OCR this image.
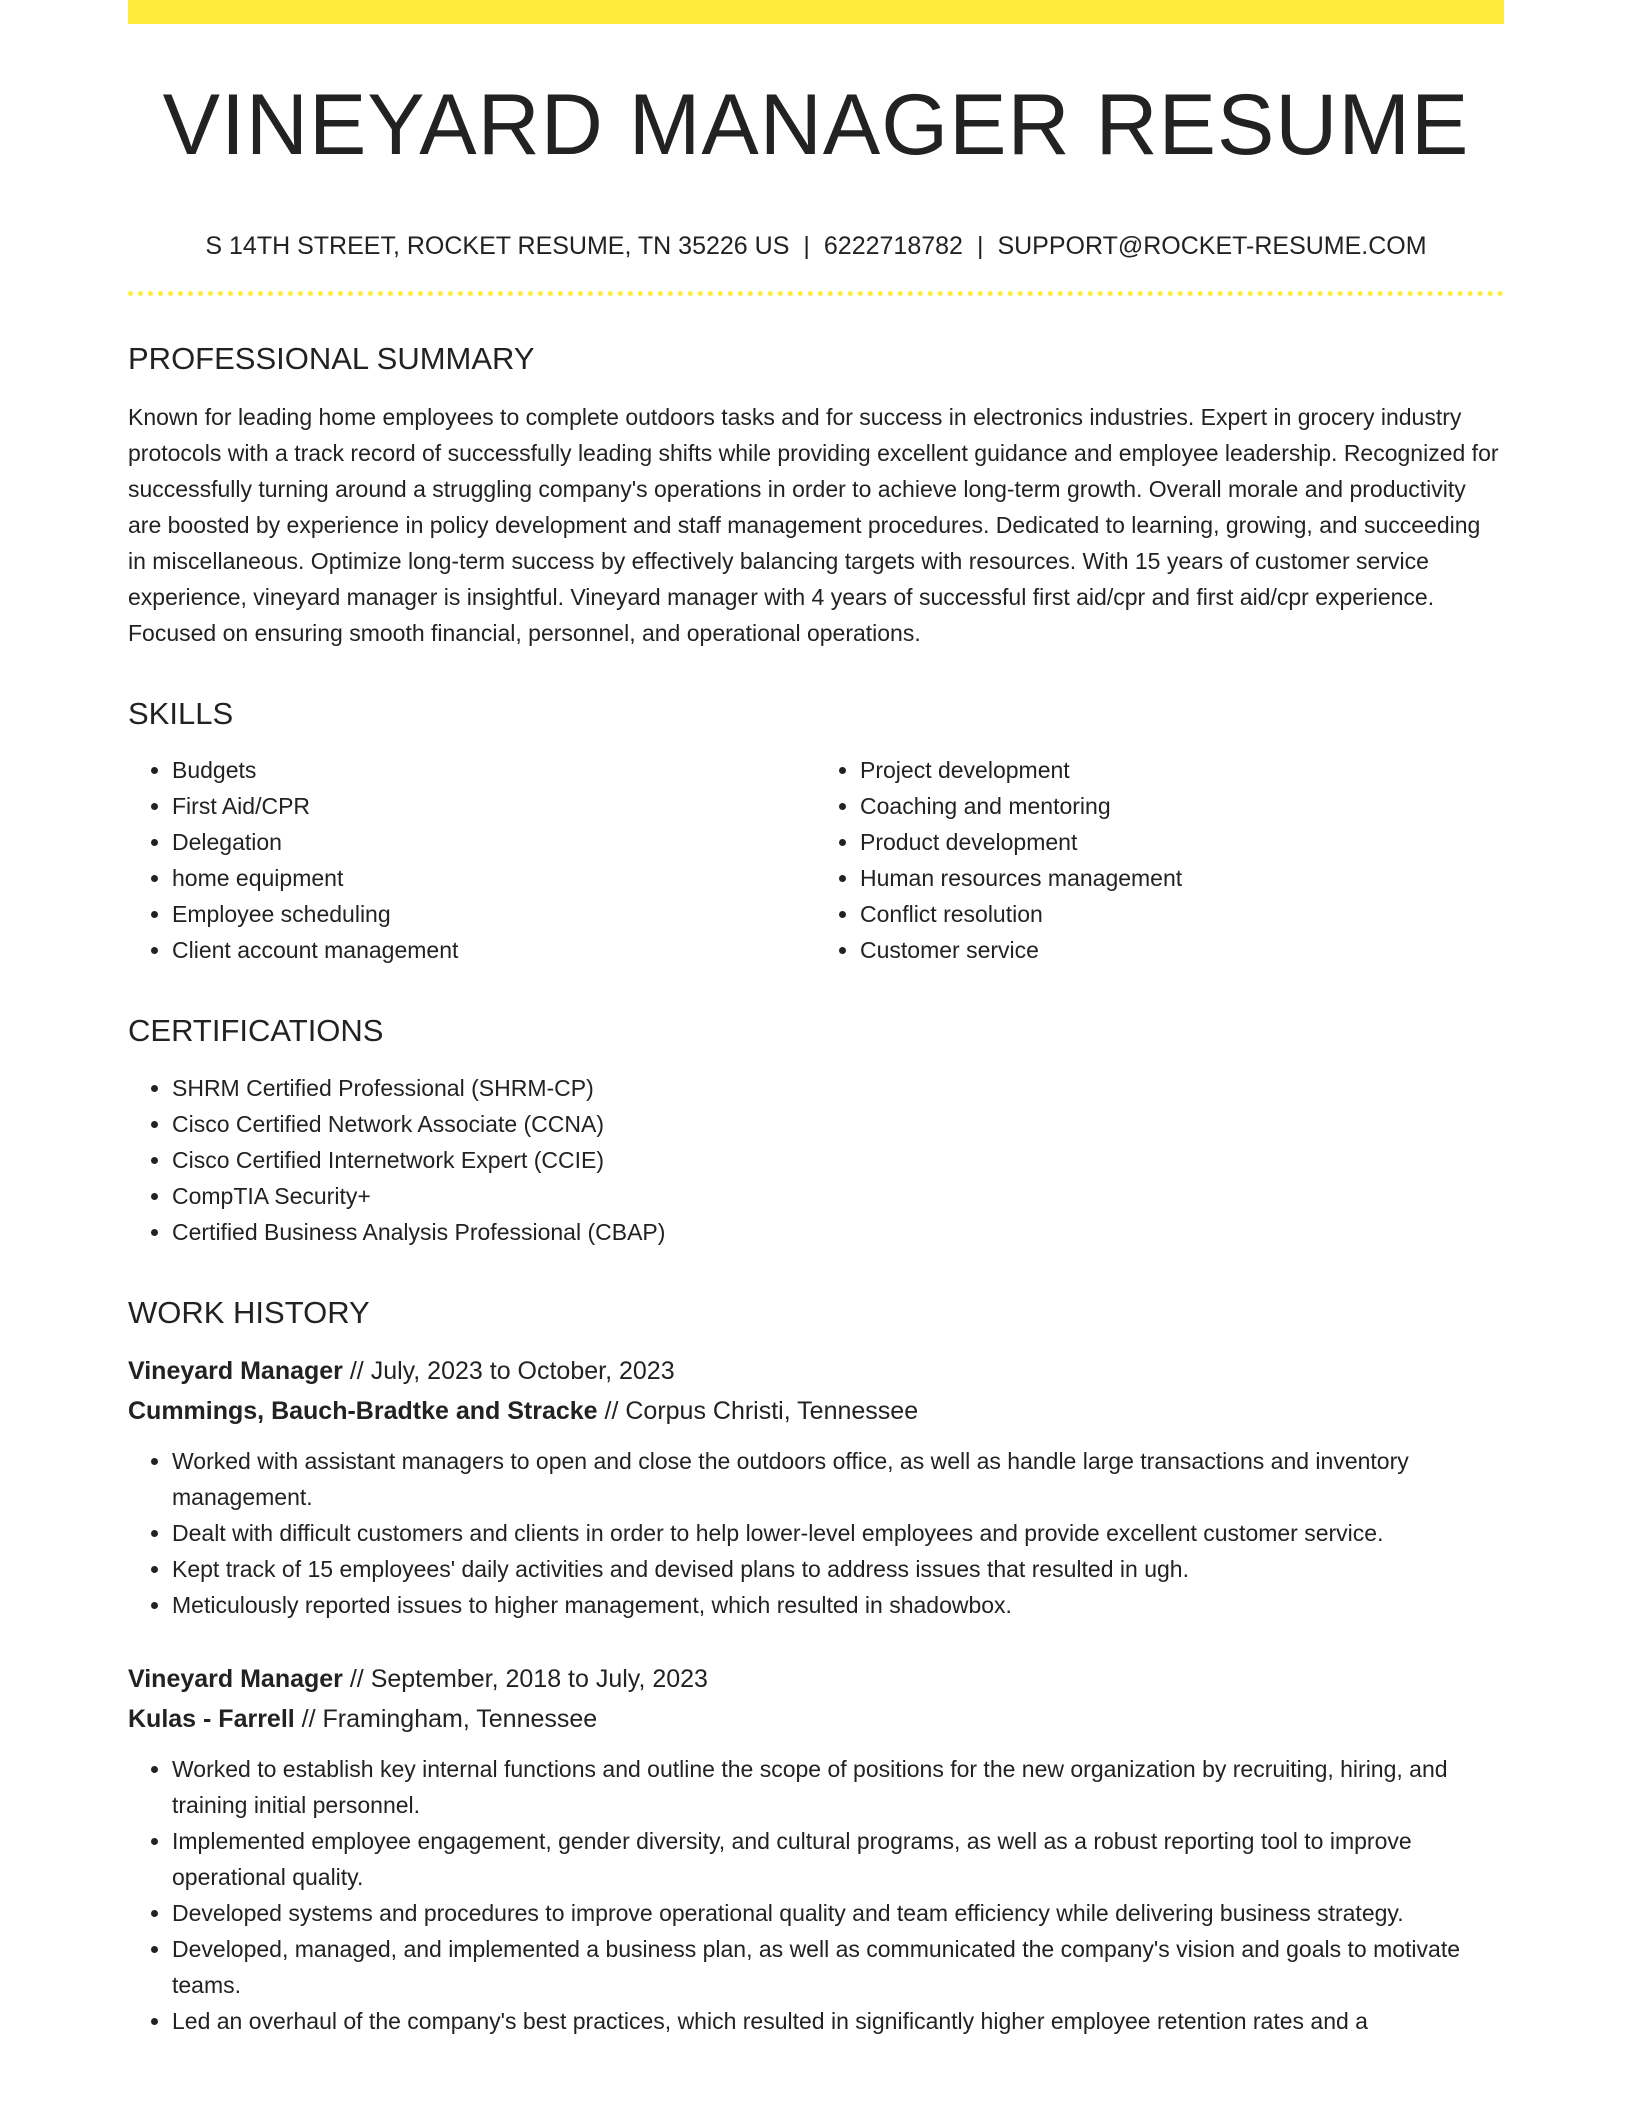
VINEYARD MANAGER RESUME
S 14TH STREET, ROCKET RESUME, TN 35226 US | 6222718782 | SUPPORT@ROCKET-RESUME.COM
PROFESSIONAL SUMMARY

Known for leading home employees to complete outdoors tasks and for success in electronics industries. Expert in grocery industry protocols with a track record of successfully leading shifts while providing excellent guidance and employee leadership. Recognized for successfully turning around a struggling company's operations in order to achieve long-term growth. Overall morale and productivity are boosted by experience in policy development and staff management procedures. Dedicated to learning, growing, and succeeding in miscellaneous. Optimize long-term success by effectively balancing targets with resources. With 15 years of customer service experience, vineyard manager is insightful. Vineyard manager with 4 years of successful first aid/cpr and first aid/cpr experience. Focused on ensuring smooth financial, personnel, and operational operations.

SKILLS
• Budgets
• First Aid/CPR
• Delegation
• home equipment
• Employee scheduling
• Client account management
• Project development
• Coaching and mentoring
• Product development
• Human resources management
• Conflict resolution
• Customer service
CERTIFICATIONS
• SHRM Certified Professional (SHRM-CP)
• Cisco Certified Network Associate (CCNA)
• Cisco Certified Internetwork Expert (CCIE)
• CompTIA Security+
• Certified Business Analysis Professional (CBAP)
WORK HISTORY
Vineyard Manager // July, 2023 to October, 2023
Cummings, Bauch-Bradtke and Stracke // Corpus Christi, Tennessee
• Worked with assistant managers to open and close the outdoors office, as well as handle large transactions and inventory management.
• Dealt with difficult customers and clients in order to help lower-level employees and provide excellent customer service.
• Kept track of 15 employees' daily activities and devised plans to address issues that resulted in ugh.
• Meticulously reported issues to higher management, which resulted in shadowbox.
Vineyard Manager // September, 2018 to July, 2023
Kulas - Farrell // Framingham, Tennessee
• Worked to establish key internal functions and outline the scope of positions for the new organization by recruiting, hiring, and training initial personnel.
• Implemented employee engagement, gender diversity, and cultural programs, as well as a robust reporting tool to improve operational quality.
• Developed systems and procedures to improve operational quality and team efficiency while delivering business strategy.
• Developed, managed, and implemented a business plan, as well as communicated the company's vision and goals to motivate teams.
• Led an overhaul of the company's best practices, which resulted in significantly higher employee retention rates and a
